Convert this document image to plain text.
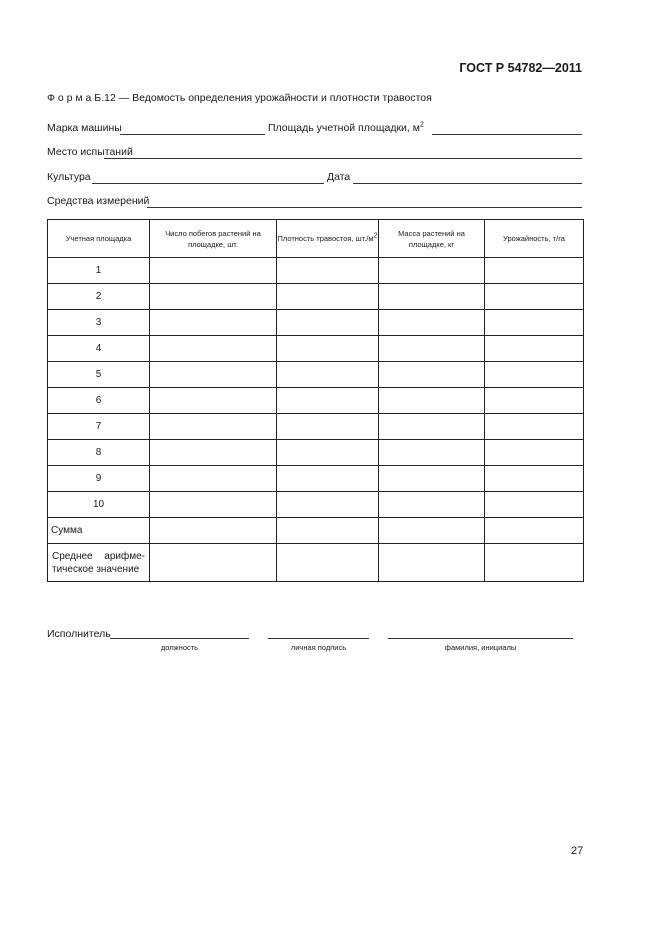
ГОСТ Р 54782—2011
Ф о р м а Б.12 — Ведомость определения урожайности и плотности травостоя
Марка машины	Площадь учетной площадки, $м^2$
Место испытаний
Культура	Дата
Средства измерений
Учетная площадка	Число побегов растений на площадке, шт.	Плотность травостоя, $шт./м^2$	Масса растений на площадке, кг	Урожайность, т/га
1				
2				
3				
4				
5				
6				
7				
8				
9				
10				
Сумма				
Среднее арифме-тическое значение				
Исполнитель
должность	личная подпись	фамилия, инициалы
27
